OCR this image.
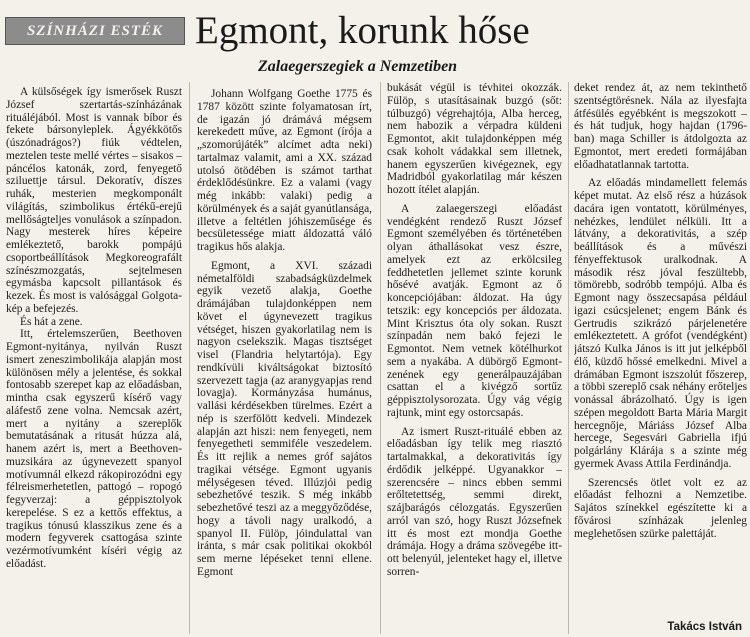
SZÍNHÁZI ESTÉK Egmont, korunk hőse
Zalaegerszegiek a Nemzetiben

A külsőségek így ismerősek Ruszt József szertartás-színházának rituáléjából. Most is vannak bíbor és fekete bársonyleplek. Ágyékkötős (úszónadrágos?) fiúk védtelen, meztelen teste mellé vértes – sisakos – páncélos katonák, zord, fenyegető sziluettje társul. Dekoratív, díszes ruhák, mesterien megkomponált világítás, szimbolikus értékű-erejű mellőságteljes vonulások a színpadon. Nagy mesterek híres képeire emlékeztető, barokk pompájú csoportbeállítások Megkoreografált színészmozgatás, sejtelmesen egymásba kapcsolt pillantások és kezek. És most is valósággal Golgota-kép a befejezés.

És hát a zene.

Itt, értelemszerűen, Beethoven Egmont-nyitánya, nyilván Ruszt ismert zeneszimbolikája alapján most különösen mély a jelentése, és sokkal fontosabb szerepet kap az előadásban, mintha csak egyszerű kísérő vagy aláfestő zene volna. Nemcsak azért, mert a nyitány a szereplők bemutatásának a ritusát húzza alá, hanem azért is, mert a Beethoven-muzsikára az úgynevezett spanyol motívumnál elkezd rákopirozódni egy félreismerhetetlen, pattogó – ropogó fegyverzaj: a géppisztolyok kerepelése. S ez a kettős effektus, a tragikus tónusú klasszikus zene és a modern fegyverek csattogása szinte vezérmotívumként kíséri végig az előadást.

Johann Wolfgang Goethe 1775 és 1787 között szinte folyamatosan írt, de igazán jó drámává mégsem kerekedett műve, az Egmont (írója a „szomorújáték” alcímet adta neki) tartalmaz valamit, ami a XX. század utolsó ötödében is számot tarthat érdeklődésünkre. Ez a valami (vagy még inkább: valaki) pedig a körülmények és a saját gyanútlansága, illetve a feltétlen jóhiszeműsége és becsületessége miatt áldozattá váló tragikus hős alakja.

Egmont, a XVI. századi németalföldi szabadságküzdelmek egyik vezető alakja, Goethe drámájában tulajdonképpen nem követ el úgynevezett tragikus vétséget, hiszen gyakorlatilag nem is nagyon cselekszik. Magas tisztséget visel (Flandria helytartója). Egy rendkívüli kiváltságokat biztosító szervezett tagja (az aranygyapjas rend lovagja). Kormányzása humánus, vallási kérdésekben türelmes. Ezért a nép is szerfölött kedveli. Mindezek alapján azt hiszi: nem fenyegeti, nem fenyegetheti semmiféle veszedelem. És itt rejlik a nemes gróf sajátos tragikai vétsége. Egmont ugyanis mélységesen téved. Illúzjói pedig sebezhetővé teszik. S még inkább sebezhetővé teszi az a meggyőződése, hogy a távoli nagy uralkodó, a spanyol II. Fülöp, jóindulattal van iránta, s már csak politikai okokból sem merne lépéseket tenni ellene. Egmont

bukását végül is tévhitei okozzák. Fülöp, s utasításainak buzgó (sőt: túlbuzgó) végrehajtója, Alba herceg, nem habozik a vérpadra küldeni Egmontot, akit tulajdonképpen még csak koholt vádakkal sem illetnek, hanem egyszerűen kivégeznek, egy Madridból gyakorlatilag már készen hozott ítélet alapján.

A zalaegerszegi előadást vendégként rendező Ruszt József Egmont személyében és történetében olyan áthallásokat vesz észre, amelyek ezt az erkölcsileg feddhetetlen jellemet szinte korunk hősévé avatják. Egmont az ő koncepciójában: áldozat. Ha úgy tetszik: egy koncepciós per áldozata. Mint Krisztus óta oly sokan. Ruszt színpadán nem bakó fejezi le Egmontot. Nem vetnek kötélhurkot sem a nyakába. A dübörgő Egmont-zenének egy generálpauzájában csattan el a kivégző sortűz géppisztolysorozata. Úgy vág végig rajtunk, mint egy ostorcsapás.

Az ismert Ruszt-rituálé ebben az előadásban így telik meg riasztó tartalmakkal, a dekorativitás így érdődik jelképpé. Ugyanakkor – szerencsére – nincs ebben semmi erőltetettség, semmi direkt, szájbarágós célozgatás. Egyszerűen arról van szó, hogy Ruszt Józsefnek itt és most ezt mondja Goethe drámája. Hogy a dráma szövegébe itt-ott belenyúl, jelenteket hagy el, illetve sorren-

deket rendez át, az nem tekinthető szentségtörésnek. Nála az ilyesfajta átfésülés egyébként is megszokott – és hát tudjuk, hogy hajdan (1796-ban) maga Schiller is átdolgozta az Egmontot, mert eredeti formájában előadhatatlannak tartotta.

Az előadás mindamellett felemás képet mutat. Az első rész a húzások dacára igen vontatott, körülményes, nehézkes, lendület nélküli. Itt a látvány, a dekorativitás, a szép beállítások és a művészi fényeffektusok uralkodnak. A második rész jóval feszültebb, tömörebb, sodróbb tempójú. Alba és Egmont nagy összecsapása például igazi csúcsjelenet; engem Bánk és Gertrudis szikrázó párjelenetére emlékeztetett. A grófot (vendégként) játszó Kulka János is itt jut jelképből élő, küzdő hőssé emelkedni. Mivel a drámában Egmont iszszolút főszerep, a többi szereplő csak néhány erőteljes vonással ábrázolható. Úgy is igen szépen megoldott Barta Mária Margit hercegnője, Máriáss József Alba hercege, Segesvári Gabriella ifjú polgárlány Klárája s a szinte még gyermek Avass Attila Ferdinándja.

Szerencsés ötlet volt ez az előadást felhozni a Nemzetibe. Sajátos színekkel egészítette ki a fővárosi színházak jelenleg meglehetősen szürke palettáját.

Takács István
